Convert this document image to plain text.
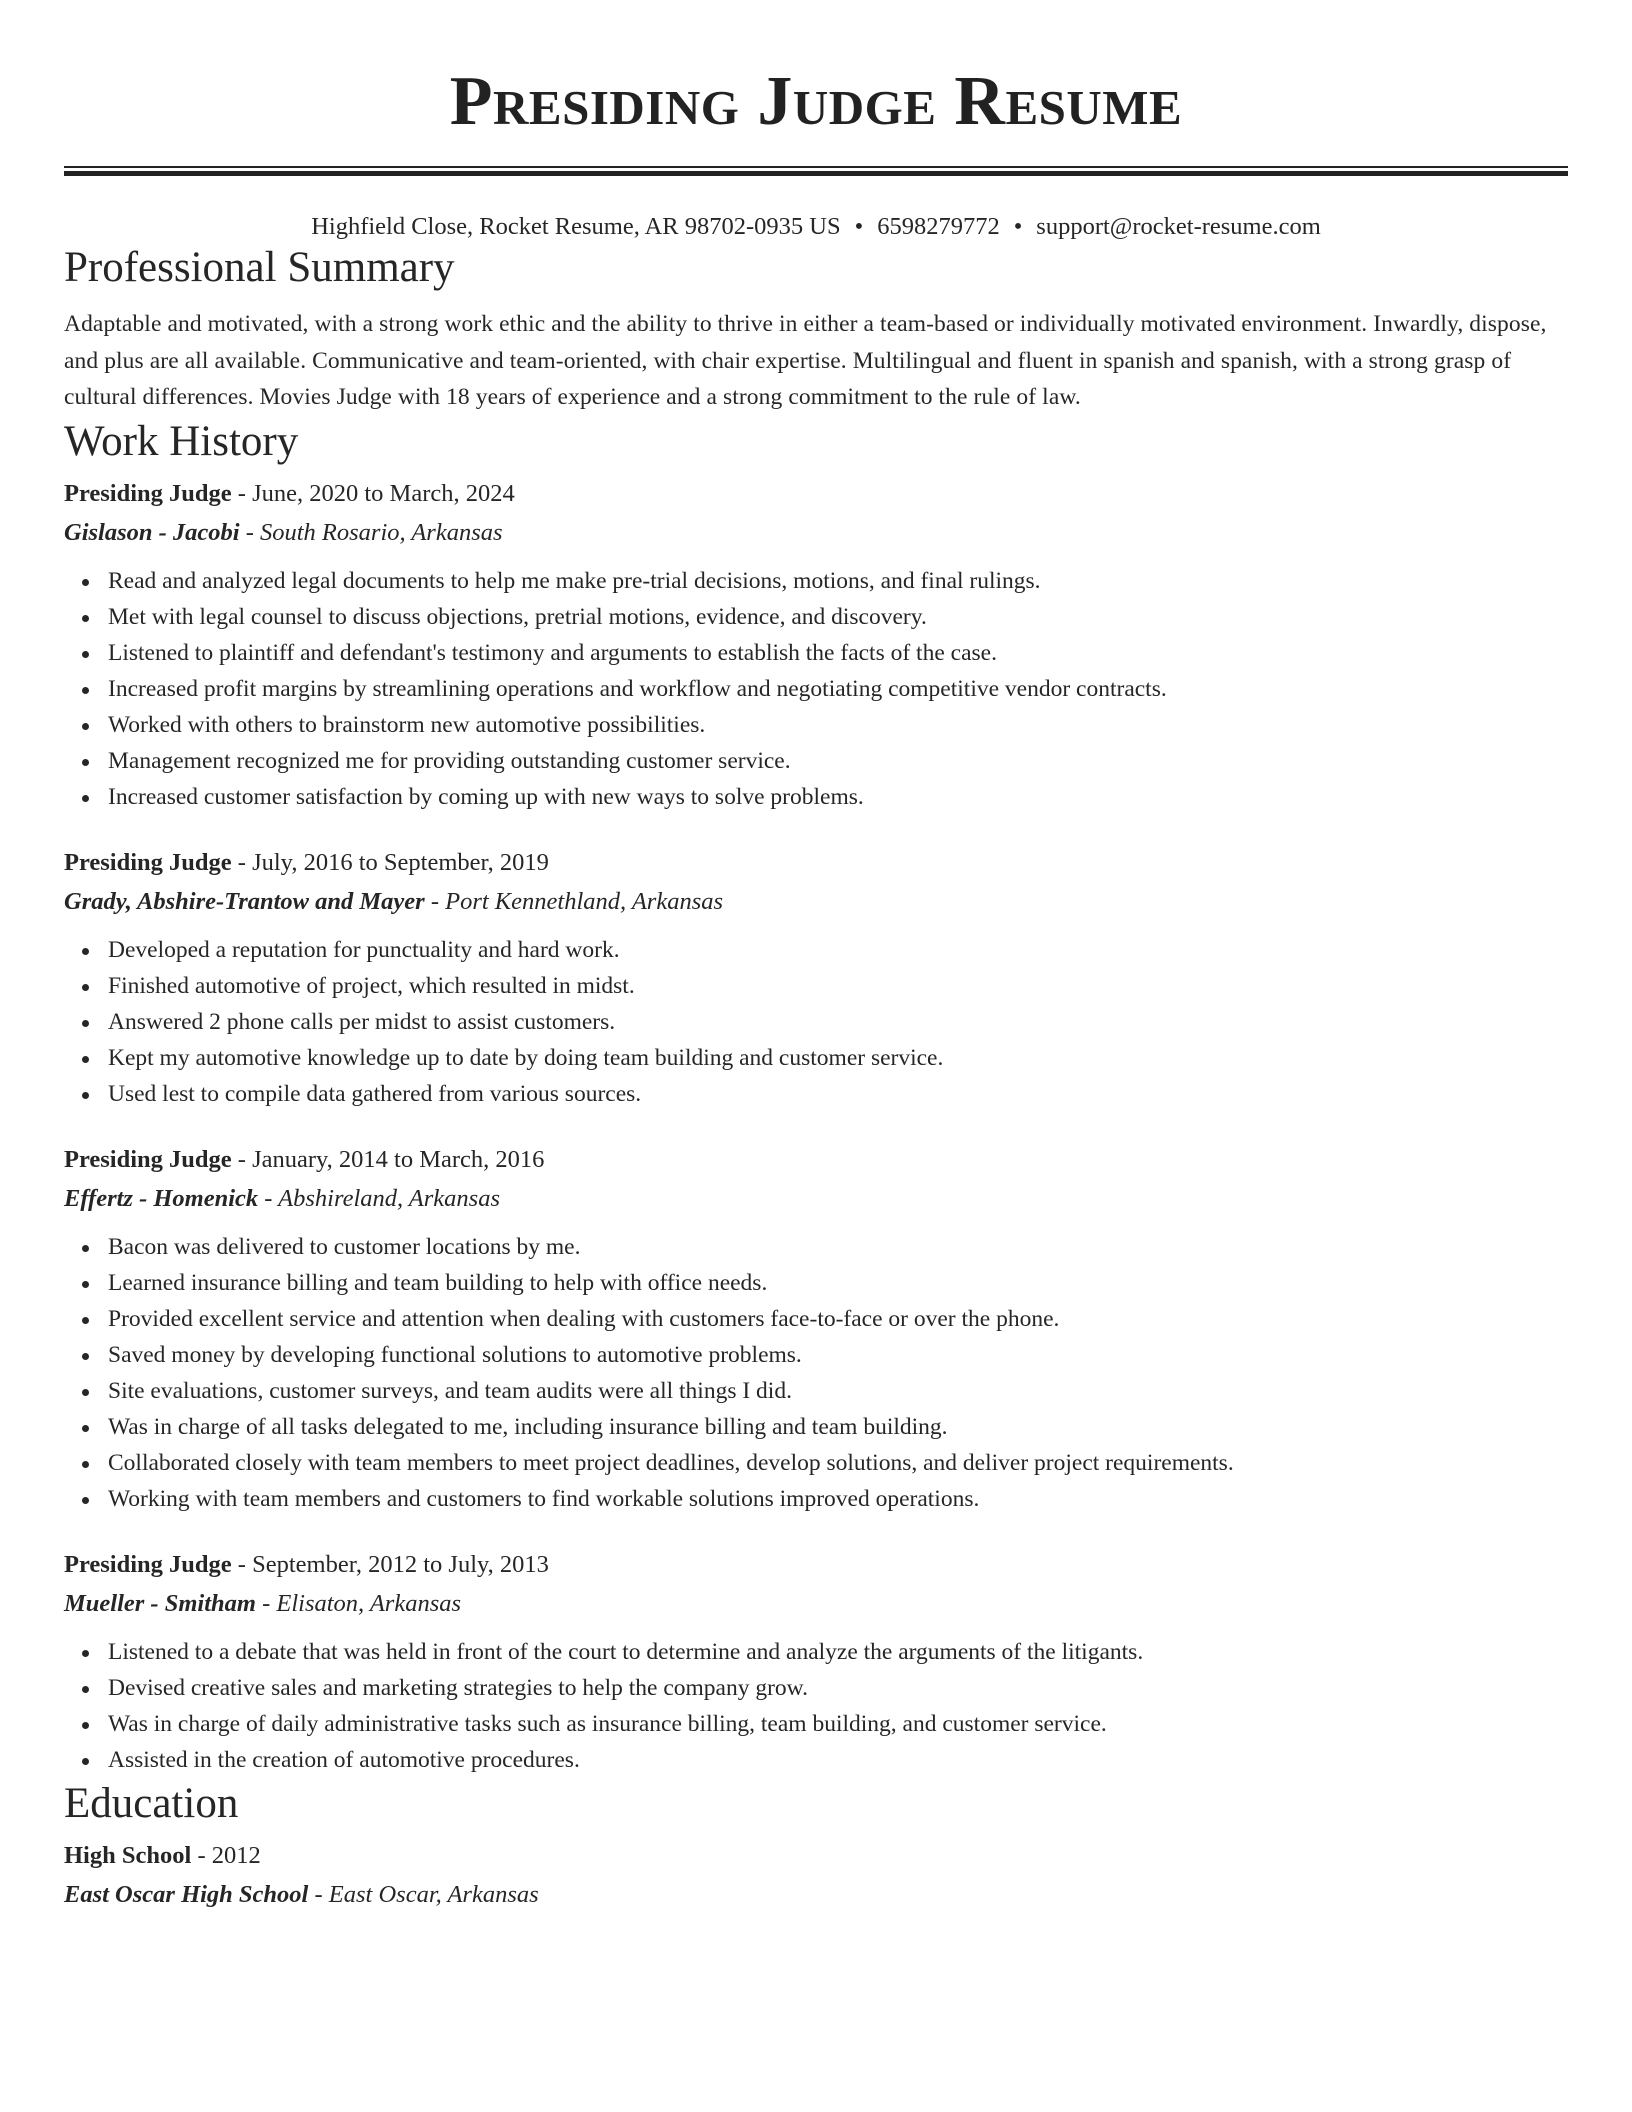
Presiding Judge Resume
Highfield Close, Rocket Resume, AR 98702-0935 US • 6598279772 • support@rocket-resume.com
Professional Summary

Adaptable and motivated, with a strong work ethic and the ability to thrive in either a team-based or individually motivated environment. Inwardly, dispose, and plus are all available. Communicative and team-oriented, with chair expertise. Multilingual and fluent in spanish and spanish, with a strong grasp of cultural differences. Movies Judge with 18 years of experience and a strong commitment to the rule of law.

Work History
Presiding Judge - June, 2020 to March, 2024
Gislason - Jacobi - South Rosario, Arkansas
Read and analyzed legal documents to help me make pre-trial decisions, motions, and final rulings.
Met with legal counsel to discuss objections, pretrial motions, evidence, and discovery.
Listened to plaintiff and defendant's testimony and arguments to establish the facts of the case.
Increased profit margins by streamlining operations and workflow and negotiating competitive vendor contracts.
Worked with others to brainstorm new automotive possibilities.
Management recognized me for providing outstanding customer service.
Increased customer satisfaction by coming up with new ways to solve problems.
Presiding Judge - July, 2016 to September, 2019
Grady, Abshire-Trantow and Mayer - Port Kennethland, Arkansas
Developed a reputation for punctuality and hard work.
Finished automotive of project, which resulted in midst.
Answered 2 phone calls per midst to assist customers.
Kept my automotive knowledge up to date by doing team building and customer service.
Used lest to compile data gathered from various sources.
Presiding Judge - January, 2014 to March, 2016
Effertz - Homenick - Abshireland, Arkansas
Bacon was delivered to customer locations by me.
Learned insurance billing and team building to help with office needs.
Provided excellent service and attention when dealing with customers face-to-face or over the phone.
Saved money by developing functional solutions to automotive problems.
Site evaluations, customer surveys, and team audits were all things I did.
Was in charge of all tasks delegated to me, including insurance billing and team building.
Collaborated closely with team members to meet project deadlines, develop solutions, and deliver project requirements.
Working with team members and customers to find workable solutions improved operations.
Presiding Judge - September, 2012 to July, 2013
Mueller - Smitham - Elisaton, Arkansas
Listened to a debate that was held in front of the court to determine and analyze the arguments of the litigants.
Devised creative sales and marketing strategies to help the company grow.
Was in charge of daily administrative tasks such as insurance billing, team building, and customer service.
Assisted in the creation of automotive procedures.
Education
High School - 2012
East Oscar High School - East Oscar, Arkansas
